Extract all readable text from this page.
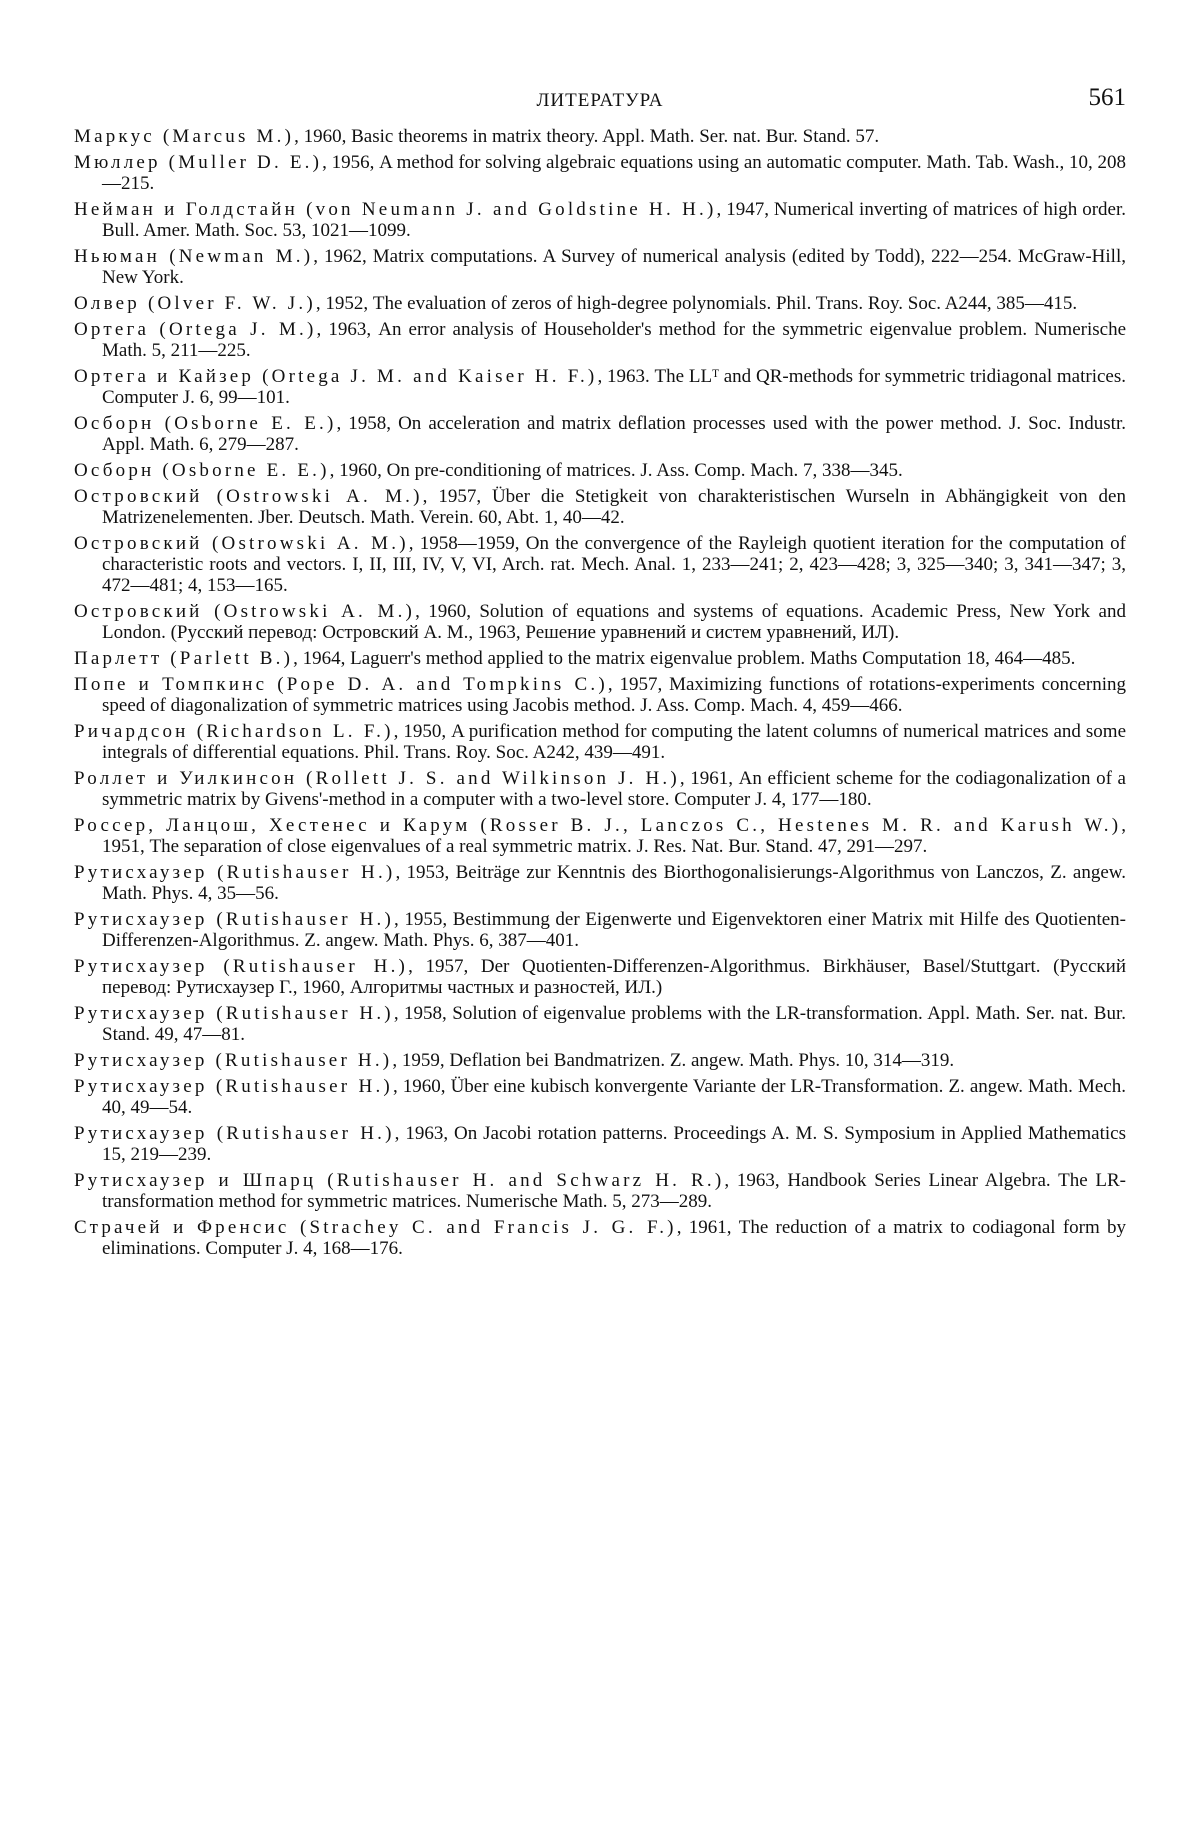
ЛИТЕРАТУРА	561
Маркус (Marcus M.), 1960, Basic theorems in matrix theory. Appl. Math. Ser. nat. Bur. Stand. 57.
Мюллер (Muller D. E.), 1956, A method for solving algebraic equations using an automatic computer. Math. Tab. Wash., 10, 208—215.
Нейман и Голдстайн (von Neumann J. and Goldstine H. H.), 1947, Numerical inverting of matrices of high order. Bull. Amer. Math. Soc. 53, 1021—1099.
Ньюман (Newman M.), 1962, Matrix computations. A Survey of numerical analysis (edited by Todd), 222—254. McGraw-Hill, New York.
Олвер (Olver F. W. J.), 1952, The evaluation of zeros of high-degree polynomials. Phil. Trans. Roy. Soc. A244, 385—415.
Ортега (Ortega J. M.), 1963, An error analysis of Householder's method for the symmetric eigenvalue problem. Numerische Math. 5, 211—225.
Ортега и Кайзер (Ortega J. M. and Kaiser H. F.), 1963. The LLᵀ and QR-methods for symmetric tridiagonal matrices. Computer J. 6, 99—101.
Осборн (Osborne E. E.), 1958, On acceleration and matrix deflation processes used with the power method. J. Soc. Industr. Appl. Math. 6, 279—287.
Осборн (Osborne E. E.), 1960, On pre-conditioning of matrices. J. Ass. Comp. Mach. 7, 338—345.
Островский (Ostrowski A. M.), 1957, Über die Stetigkeit von charakteristischen Wurseln in Abhängigkeit von den Matrizenelementen. Jber. Deutsch. Math. Verein. 60, Abt. 1, 40—42.
Островский (Ostrowski A. M.), 1958—1959, On the convergence of the Rayleigh quotient iteration for the computation of characteristic roots and vectors. I, II, III, IV, V, VI, Arch. rat. Mech. Anal. 1, 233—241; 2, 423—428; 3, 325—340; 3, 341—347; 3, 472—481; 4, 153—165.
Островский (Ostrowski A. M.), 1960, Solution of equations and systems of equations. Academic Press, New York and London. (Русский перевод: Островский А. М., 1963, Решение уравнений и систем уравнений, ИЛ).
Парлетт (Parlett B.), 1964, Laguerr's method applied to the matrix eigenvalue problem. Maths Computation 18, 464—485.
Попе и Томпкинс (Pope D. A. and Tompkins C.), 1957, Maximizing functions of rotations-experiments concerning speed of diagonalization of symmetric matrices using Jacobis method. J. Ass. Comp. Mach. 4, 459—466.
Ричардсон (Richardson L. F.), 1950, A purification method for computing the latent columns of numerical matrices and some integrals of differential equations. Phil. Trans. Roy. Soc. A242, 439—491.
Роллет и Уилкинсон (Rollett J. S. and Wilkinson J. H.), 1961, An efficient scheme for the codiagonalization of a symmetric matrix by Givens'-method in a computer with a two-level store. Computer J. 4, 177—180.
Россер, Ланцош, Хестенес и Карум (Rosser B. J., Lanczos C., Hestenes M. R. and Karush W.), 1951, The separation of close eigenvalues of a real symmetric matrix. J. Res. Nat. Bur. Stand. 47, 291—297.
Рутисхаузер (Rutishauser H.), 1953, Beiträge zur Kenntnis des Biorthogonalisierungs-Algorithmus von Lanczos, Z. angew. Math. Phys. 4, 35—56.
Рутисхаузер (Rutishauser H.), 1955, Bestimmung der Eigenwerte und Eigenvektoren einer Matrix mit Hilfe des Quotienten-Differenzen-Algorithmus. Z. angew. Math. Phys. 6, 387—401.
Рутисхаузер (Rutishauser H.), 1957, Der Quotienten-Differenzen-Algorithmus. Birkhäuser, Basel/Stuttgart. (Русский перевод: Рутисхаузер Г., 1960, Алгоритмы частных и разностей, ИЛ.)
Рутисхаузер (Rutishauser H.), 1958, Solution of eigenvalue problems with the LR-transformation. Appl. Math. Ser. nat. Bur. Stand. 49, 47—81.
Рутисхаузер (Rutishauser H.), 1959, Deflation bei Bandmatrizen. Z. angew. Math. Phys. 10, 314—319.
Рутисхаузер (Rutishauser H.), 1960, Über eine kubisch konvergente Variante der LR-Transformation. Z. angew. Math. Mech. 40, 49—54.
Рутисхаузер (Rutishauser H.), 1963, On Jacobi rotation patterns. Proceedings A. M. S. Symposium in Applied Mathematics 15, 219—239.
Рутисхаузер и Шпарц (Rutishauser H. and Schwarz H. R.), 1963, Handbook Series Linear Algebra. The LR-transformation method for symmetric matrices. Numerische Math. 5, 273—289.
Страчей и Френсис (Strachey C. and Francis J. G. F.), 1961, The reduction of a matrix to codiagonal form by eliminations. Computer J. 4, 168—176.
